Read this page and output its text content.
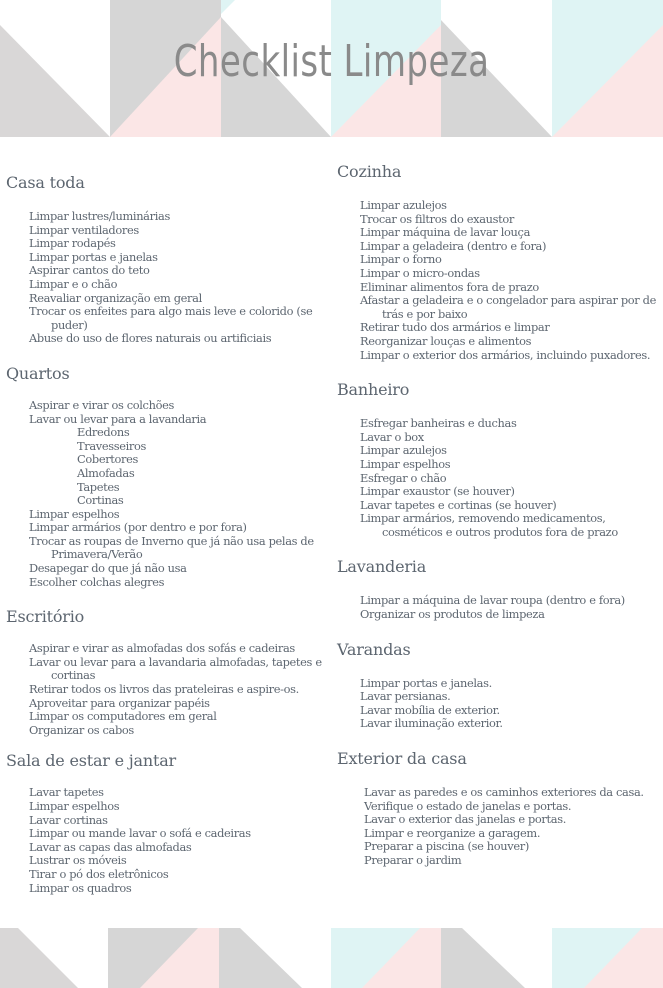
Checklist Limpeza
Casa toda
Limpar lustres/luminárias
Limpar ventiladores
Limpar rodapés
Limpar portas e janelas
Aspirar cantos do teto
Limpar e o chão
Reavaliar organização em geral
Trocar os enfeites para algo mais leve e colorido (se puder)
Abuse do uso de flores naturais ou artificiais
Quartos
Aspirar e virar os colchões
Lavar ou levar para a lavandaria
Edredons
Travesseiros
Cobertores
Almofadas
Tapetes
Cortinas
Limpar espelhos
Limpar armários (por dentro e por fora)
Trocar as roupas de Inverno que já não usa pelas de Primavera/Verão
Desapegar do que já não usa
Escolher colchas alegres
Escritório
Aspirar e virar as almofadas dos sofás e cadeiras
Lavar ou levar para a lavandaria almofadas, tapetes e cortinas
Retirar todos os livros das prateleiras e aspire-os.
Aproveitar para organizar papéis
Limpar os computadores em geral
Organizar os cabos
Sala de estar e jantar
Lavar tapetes
Limpar espelhos
Lavar cortinas
Limpar ou mande lavar o sofá e cadeiras
Lavar as capas das almofadas
Lustrar os móveis
Tirar o pó dos eletrônicos
Limpar os quadros
Cozinha
Limpar azulejos
Trocar os filtros do exaustor
Limpar máquina de lavar louça
Limpar a geladeira (dentro e fora)
Limpar o forno
Limpar o micro-ondas
Eliminar alimentos fora de prazo
Afastar a geladeira e o congelador para aspirar por de trás e por baixo
Retirar tudo dos armários e limpar
Reorganizar louças e alimentos
Limpar o exterior dos armários, incluindo puxadores.
Banheiro
Esfregar banheiras e duchas
Lavar o box
Limpar azulejos
Limpar espelhos
Esfregar o chão
Limpar exaustor (se houver)
Lavar tapetes e cortinas (se houver)
Limpar armários, removendo medicamentos, cosméticos e outros produtos fora de prazo
Lavanderia
Limpar a máquina de lavar roupa (dentro e fora)
Organizar os produtos de limpeza
Varandas
Limpar portas e janelas.
Lavar persianas.
Lavar mobília de exterior.
Lavar iluminação exterior.
Exterior da casa
Lavar as paredes e os caminhos exteriores da casa.
Verifique o estado de janelas e portas.
Lavar o exterior das janelas e portas.
Limpar e reorganize a garagem.
Preparar a piscina (se houver)
Preparar o jardim
